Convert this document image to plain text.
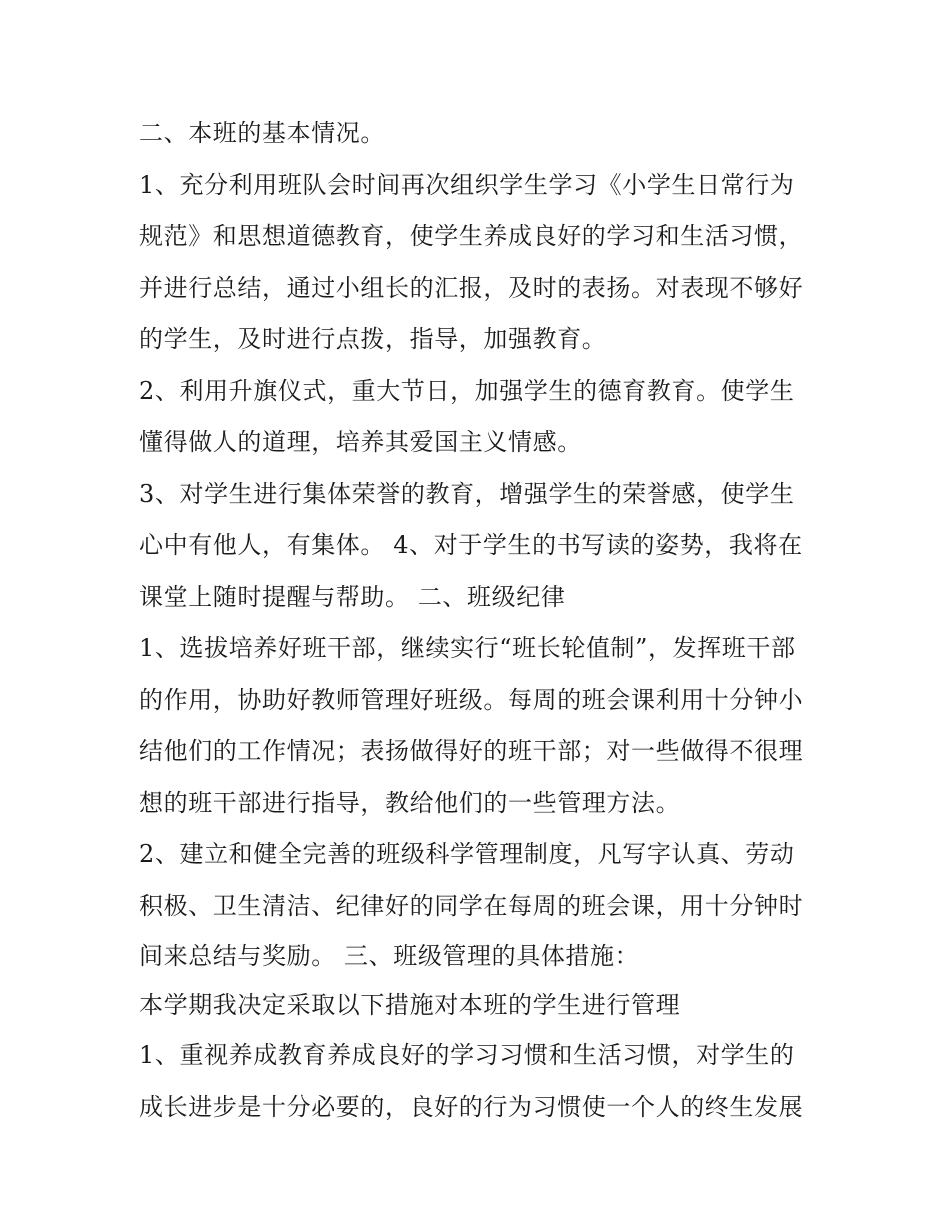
二、本班的基本情况。

1、充分利用班队会时间再次组织学生学习《小学生日常行为

规范》和思想道德教育，使学生养成良好的学习和生活习惯，

并进行总结，通过小组长的汇报，及时的表扬。对表现不够好

的学生，及时进行点拨，指导，加强教育。

2、利用升旗仪式，重大节日，加强学生的德育教育。使学生

懂得做人的道理，培养其爱国主义情感。

3、对学生进行集体荣誉的教育，增强学生的荣誉感，使学生

心中有他人，有集体。 4、对于学生的书写读的姿势，我将在

课堂上随时提醒与帮助。 二、班级纪律

1、选拔培养好班干部，继续实行“班长轮值制”，发挥班干部

的作用，协助好教师管理好班级。每周的班会课利用十分钟小

结他们的工作情况；表扬做得好的班干部；对一些做得不很理

想的班干部进行指导，教给他们的一些管理方法。

2、建立和健全完善的班级科学管理制度，凡写字认真、劳动

积极、卫生清洁、纪律好的同学在每周的班会课，用十分钟时

间来总结与奖励。 三、班级管理的具体措施：

本学期我决定采取以下措施对本班的学生进行管理

1、重视养成教育养成良好的学习习惯和生活习惯，对学生的

成长进步是十分必要的，良好的行为习惯使一个人的终生发展
